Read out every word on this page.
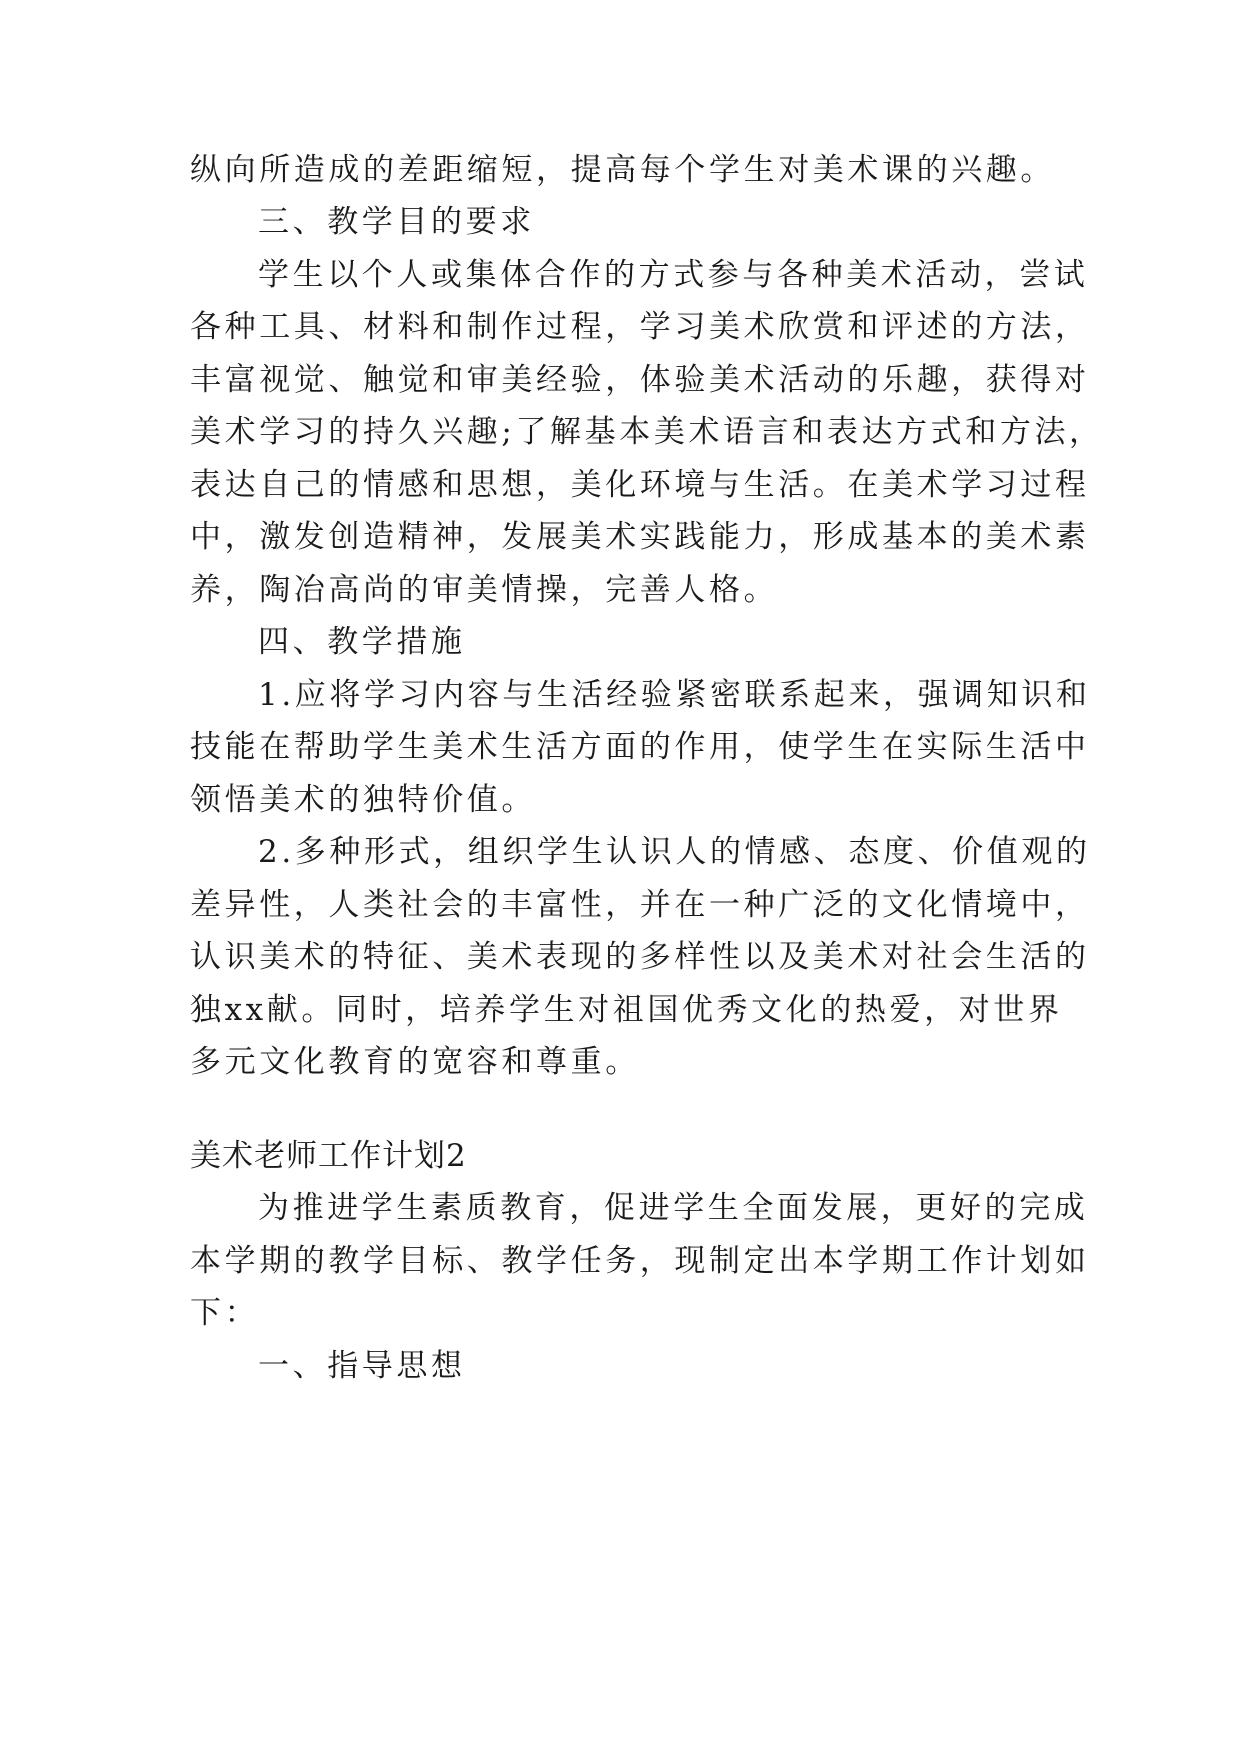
纵向所造成的差距缩短，提高每个学生对美术课的兴趣。
三、教学目的要求
学生以个人或集体合作的方式参与各种美术活动，尝试
各种工具、材料和制作过程，学习美术欣赏和评述的方法，
丰富视觉、触觉和审美经验，体验美术活动的乐趣，获得对
美术学习的持久兴趣;了解基本美术语言和表达方式和方法，
表达自己的情感和思想，美化环境与生活。在美术学习过程
中，激发创造精神，发展美术实践能力，形成基本的美术素
养，陶冶高尚的审美情操，完善人格。
四、教学措施
1.应将学习内容与生活经验紧密联系起来，强调知识和
技能在帮助学生美术生活方面的作用，使学生在实际生活中
领悟美术的独特价值。
2.多种形式，组织学生认识人的情感、态度、价值观的
差异性，人类社会的丰富性，并在一种广泛的文化情境中，
认识美术的特征、美术表现的多样性以及美术对社会生活的
独xx献。同时，培养学生对祖国优秀文化的热爱，对世界
多元文化教育的宽容和尊重。
美术老师工作计划2
为推进学生素质教育，促进学生全面发展，更好的完成
本学期的教学目标、教学任务，现制定出本学期工作计划如
下：
一、指导思想
